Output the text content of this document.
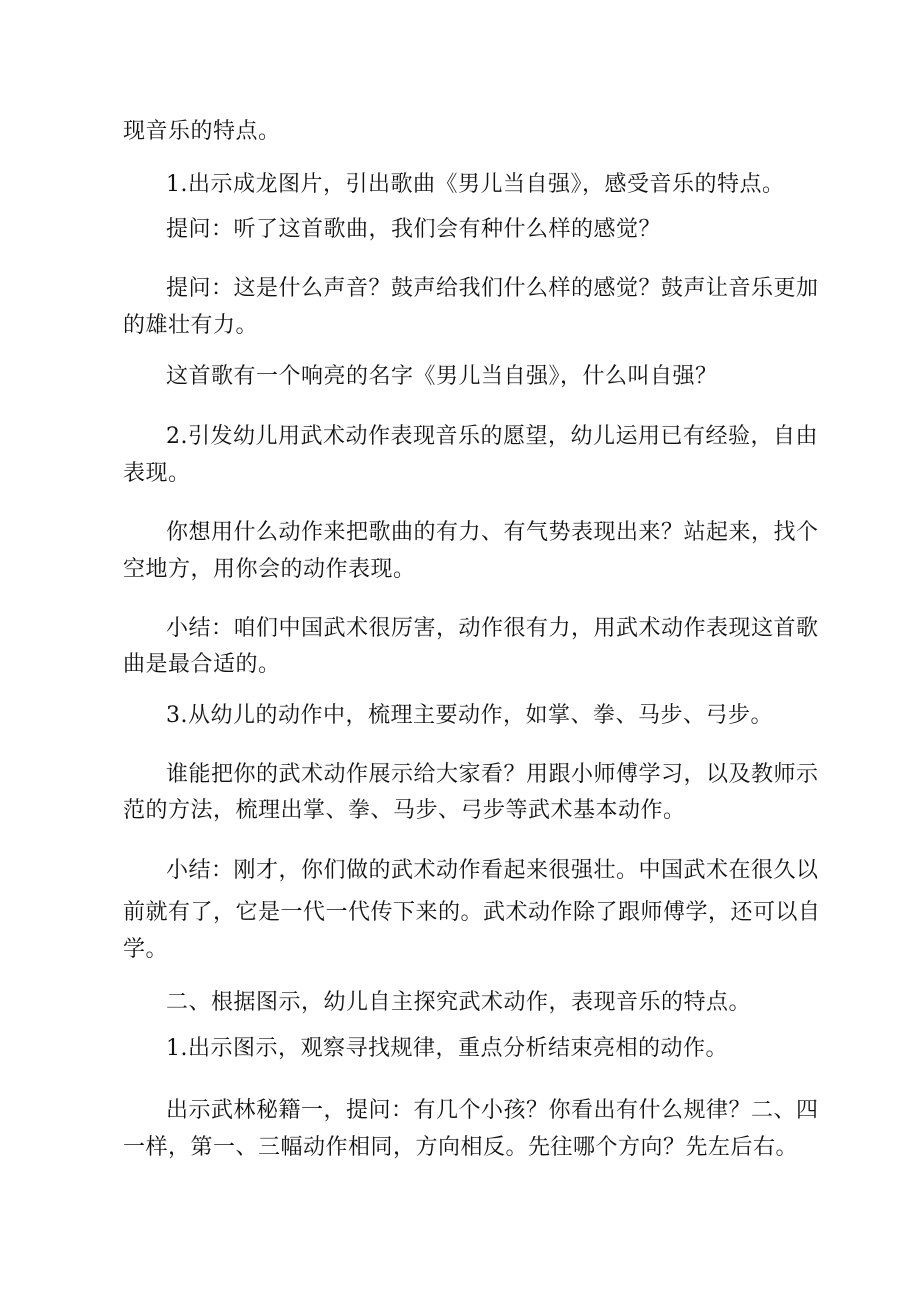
现音乐的特点。

1.出示成龙图片，引出歌曲《男儿当自强》，感受音乐的特点。

提问：听了这首歌曲，我们会有种什么样的感觉？

提问：这是什么声音？鼓声给我们什么样的感觉？鼓声让音乐更加

的雄壮有力。

这首歌有一个响亮的名字《男儿当自强》，什么叫自强？

2.引发幼儿用武术动作表现音乐的愿望，幼儿运用已有经验，自由

表现。

你想用什么动作来把歌曲的有力、有气势表现出来？站起来，找个

空地方，用你会的动作表现。

小结：咱们中国武术很厉害，动作很有力，用武术动作表现这首歌

曲是最合适的。

3.从幼儿的动作中，梳理主要动作，如掌、拳、马步、弓步。

谁能把你的武术动作展示给大家看？用跟小师傅学习，以及教师示

范的方法，梳理出掌、拳、马步、弓步等武术基本动作。

小结：刚才，你们做的武术动作看起来很强壮。中国武术在很久以

前就有了，它是一代一代传下来的。武术动作除了跟师傅学，还可以自

学。

二、根据图示，幼儿自主探究武术动作，表现音乐的特点。

1.出示图示，观察寻找规律，重点分析结束亮相的动作。

出示武林秘籍一，提问：有几个小孩？你看出有什么规律？二、四

一样，第一、三幅动作相同，方向相反。先往哪个方向？先左后右。
